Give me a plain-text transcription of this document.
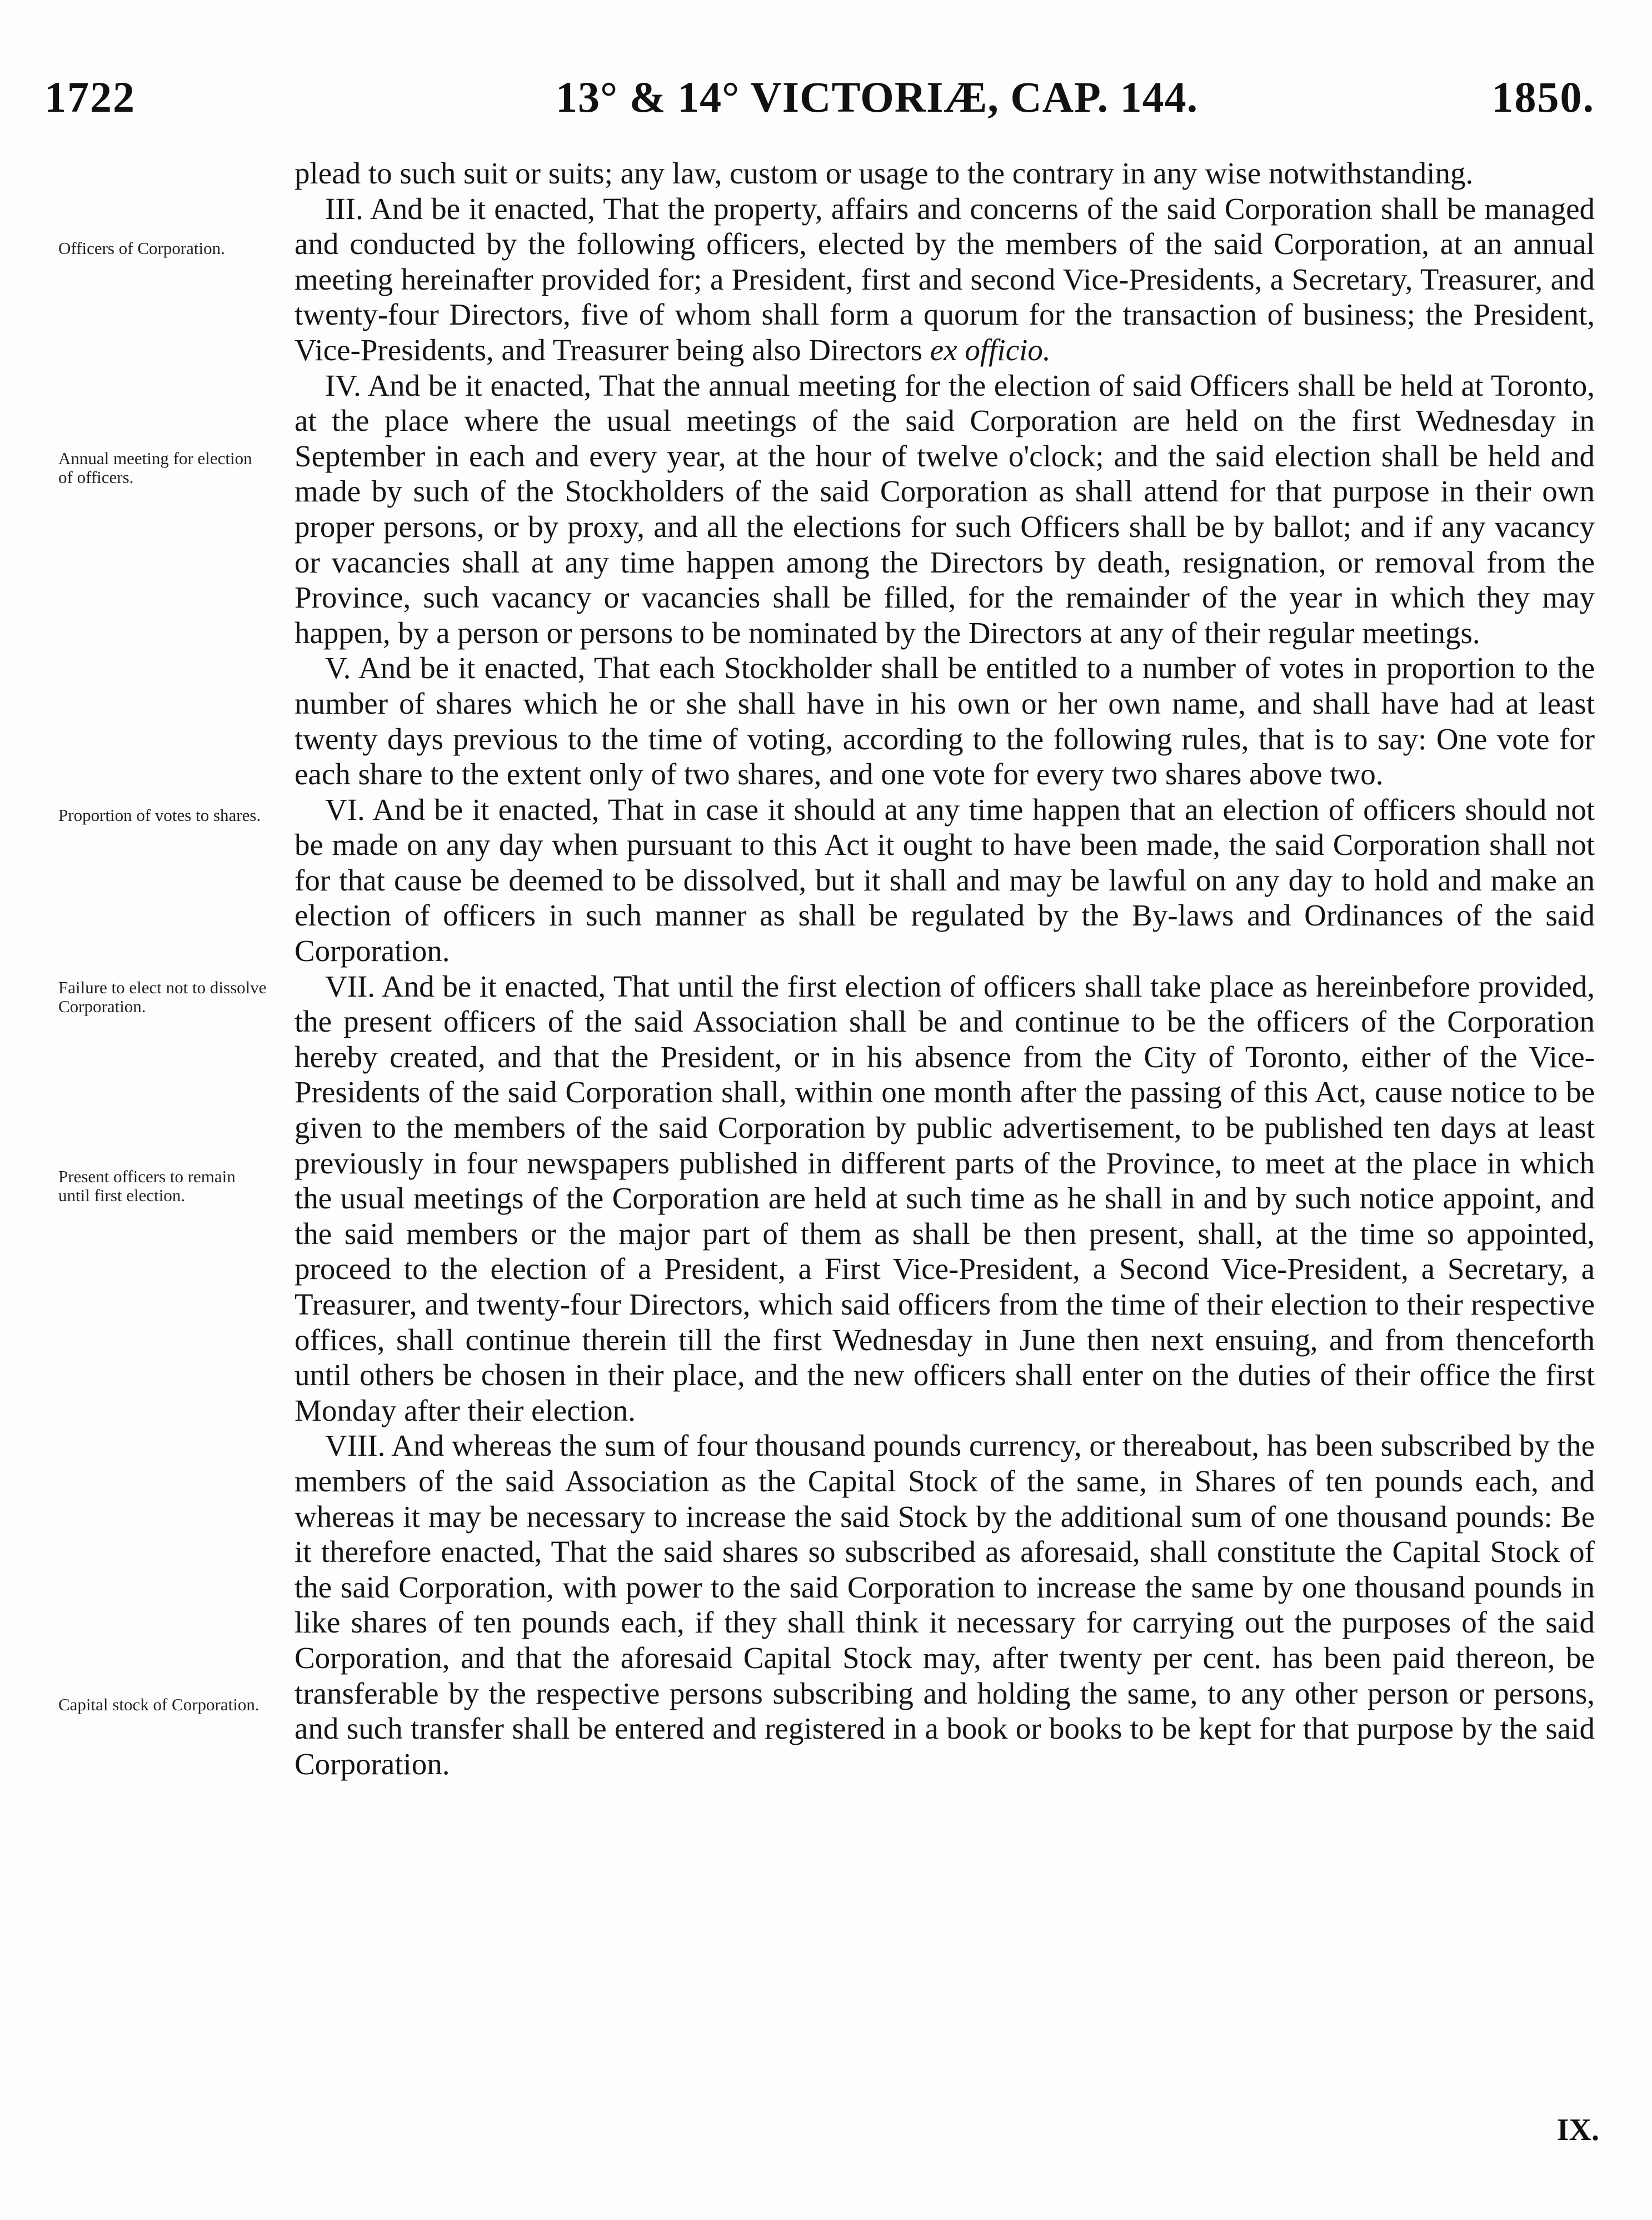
1722	13° & 14° VICTORIÆ, CAP. 144.	1850.
Officers of Corporation.
Annual meeting for election of officers.
Proportion of votes to shares.
Failure to elect not to dissolve Corporation.
Present officers to remain until first election.
Capital stock of Corporation.

plead to such suit or suits; any law, custom or usage to the contrary in any wise notwithstanding.

III. And be it enacted, That the property, affairs and concerns of the said Corporation shall be managed and conducted by the following officers, elected by the members of the said Corporation, at an annual meeting hereinafter provided for; a President, first and second Vice-Presidents, a Secretary, Treasurer, and twenty-four Directors, five of whom shall form a quorum for the transaction of business; the President, Vice-Presidents, and Treasurer being also Directors ex officio.

IV. And be it enacted, That the annual meeting for the election of said Officers shall be held at Toronto, at the place where the usual meetings of the said Corporation are held on the first Wednesday in September in each and every year, at the hour of twelve o'clock; and the said election shall be held and made by such of the Stockholders of the said Corporation as shall attend for that purpose in their own proper persons, or by proxy, and all the elections for such Officers shall be by ballot; and if any vacancy or vacancies shall at any time happen among the Directors by death, resignation, or removal from the Province, such vacancy or vacancies shall be filled, for the remainder of the year in which they may happen, by a person or persons to be nominated by the Directors at any of their regular meetings.

V. And be it enacted, That each Stockholder shall be entitled to a number of votes in proportion to the number of shares which he or she shall have in his own or her own name, and shall have had at least twenty days previous to the time of voting, according to the following rules, that is to say: One vote for each share to the extent only of two shares, and one vote for every two shares above two.

VI. And be it enacted, That in case it should at any time happen that an election of officers should not be made on any day when pursuant to this Act it ought to have been made, the said Corporation shall not for that cause be deemed to be dissolved, but it shall and may be lawful on any day to hold and make an election of officers in such manner as shall be regulated by the By-laws and Ordinances of the said Corporation.

VII. And be it enacted, That until the first election of officers shall take place as hereinbefore provided, the present officers of the said Association shall be and continue to be the officers of the Corporation hereby created, and that the President, or in his absence from the City of Toronto, either of the Vice-Presidents of the said Corporation shall, within one month after the passing of this Act, cause notice to be given to the members of the said Corporation by public advertisement, to be published ten days at least previously in four newspapers published in different parts of the Province, to meet at the place in which the usual meetings of the Corporation are held at such time as he shall in and by such notice appoint, and the said members or the major part of them as shall be then present, shall, at the time so appointed, proceed to the election of a President, a First Vice-President, a Second Vice-President, a Secretary, a Treasurer, and twenty-four Directors, which said officers from the time of their election to their respective offices, shall continue therein till the first Wednesday in June then next ensuing, and from thenceforth until others be chosen in their place, and the new officers shall enter on the duties of their office the first Monday after their election.

VIII. And whereas the sum of four thousand pounds currency, or thereabout, has been subscribed by the members of the said Association as the Capital Stock of the same, in Shares of ten pounds each, and whereas it may be necessary to increase the said Stock by the additional sum of one thousand pounds: Be it therefore enacted, That the said shares so subscribed as aforesaid, shall constitute the Capital Stock of the said Corporation, with power to the said Corporation to increase the same by one thousand pounds in like shares of ten pounds each, if they shall think it necessary for carrying out the purposes of the said Corporation, and that the aforesaid Capital Stock may, after twenty per cent. has been paid thereon, be transferable by the respective persons subscribing and holding the same, to any other person or persons, and such transfer shall be entered and registered in a book or books to be kept for that purpose by the said Corporation.

IX.
